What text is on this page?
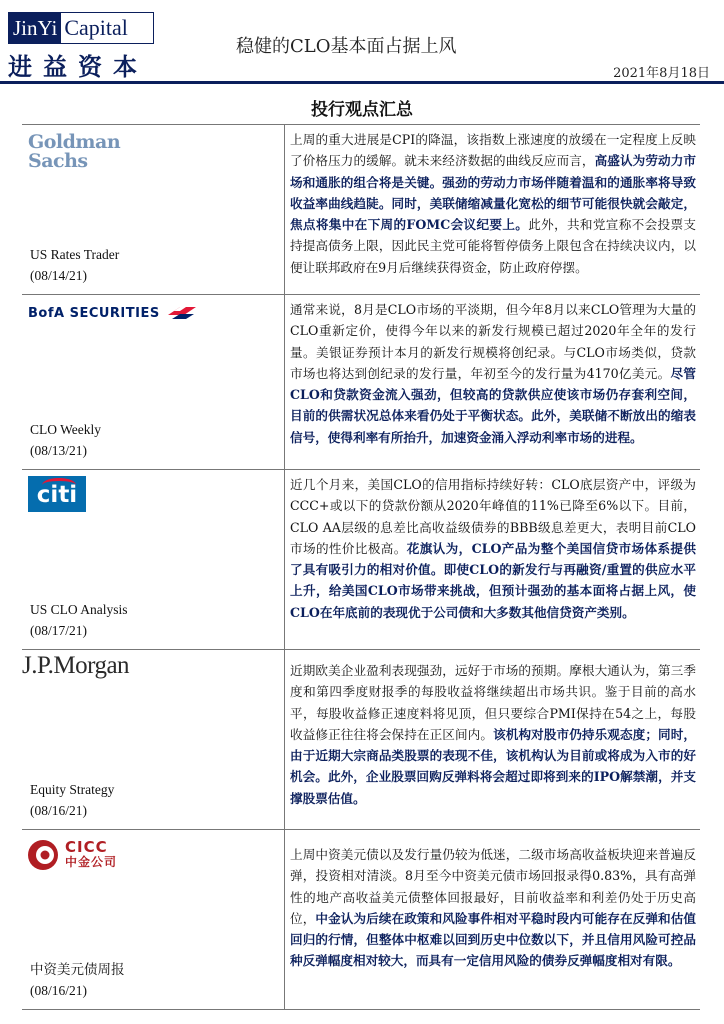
JinYi Capital
进益资本
稳健的CLO基本面占据上风
2021年8月18日
投行观点汇总
Goldman
Sachs
US Rates Trader
(08/14/21)
上周的重大进展是CPI的降温，该指数上涨速度的放缓在一定程度上反映了价格压力的缓解。就未来经济数据的曲线反应而言，高盛认为劳动力市场和通胀的组合将是关键。强劲的劳动力市场伴随着温和的通胀率将导致收益率曲线趋陡。同时，美联储缩减量化宽松的细节可能很快就会敲定，焦点将集中在下周的FOMC会议纪要上。此外，共和党宣称不会投票支持提高债务上限，因此民主党可能将暂停债务上限包含在持续决议内，以便让联邦政府在9月后继续获得资金，防止政府停摆。
BofA SECURITIES
CLO Weekly
(08/13/21)
通常来说，8月是CLO市场的平淡期，但今年8月以来CLO管理为大量的CLO重新定价，使得今年以来的新发行规模已超过2020年全年的发行量。美银证券预计本月的新发行规模将创纪录。与CLO市场类似，贷款市场也将达到创纪录的发行量，年初至今的发行量为4170亿美元。尽管CLO和贷款资金流入强劲，但较高的贷款供应使该市场仍存套利空间，目前的供需状况总体来看仍处于平衡状态。此外，美联储不断放出的缩表信号，使得利率有所抬升，加速资金涌入浮动利率市场的进程。
citi
US CLO Analysis
(08/17/21)
近几个月来，美国CLO的信用指标持续好转：CLO底层资产中，评级为CCC+或以下的贷款份额从2020年峰值的11%已降至6%以下。目前，CLO AA层级的息差比高收益级债券的BBB级息差更大，表明目前CLO市场的性价比极高。花旗认为，CLO产品为整个美国信贷市场体系提供了具有吸引力的相对价值。即使CLO的新发行与再融资/重置的供应水平上升，给美国CLO市场带来挑战，但预计强劲的基本面将占据上风，使CLO在年底前的表现优于公司债和大多数其他信贷资产类别。
J.P.Morgan
Equity Strategy
(08/16/21)
近期欧美企业盈利表现强劲，远好于市场的预期。摩根大通认为，第三季度和第四季度财报季的每股收益将继续超出市场共识。鉴于目前的高水平，每股收益修正速度料将见顶，但只要综合PMI保持在54之上，每股收益修正往往将会保持在正区间内。该机构对股市仍持乐观态度；同时，由于近期大宗商品类股票的表现不佳，该机构认为目前或将成为入市的好机会。此外，企业股票回购反弹料将会超过即将到来的IPO解禁潮，并支撑股票估值。
CICC
中金公司
中资美元债周报
(08/16/21)
上周中资美元债以及发行量仍较为低迷，二级市场高收益板块迎来普遍反弹，投资相对清淡。8月至今中资美元债市场回报录得0.83%，具有高弹性的地产高收益美元债整体回报最好，目前收益率和利差仍处于历史高位，中金认为后续在政策和风险事件相对平稳时段内可能存在反弹和估值回归的行情，但整体中枢难以回到历史中位数以下，并且信用风险可控品种反弹幅度相对较大，而具有一定信用风险的债券反弹幅度相对有限。
